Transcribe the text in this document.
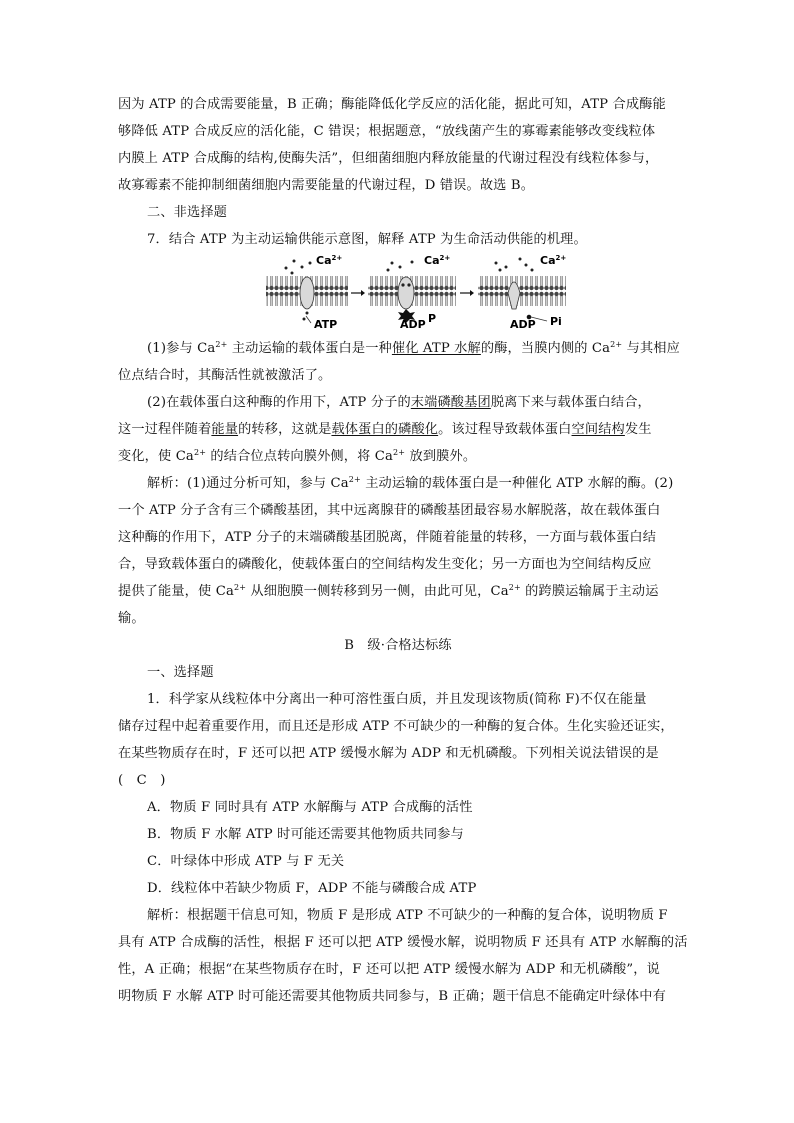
因为 ATP 的合成需要能量，B 正确；酶能降低化学反应的活化能，据此可知，ATP 合成酶能
够降低 ATP 合成反应的活化能，C 错误；根据题意，“放线菌产生的寡霉素能够改变线粒体
内膜上 ATP 合成酶的结构,使酶失活”，但细菌细胞内释放能量的代谢过程没有线粒体参与，
故寡霉素不能抑制细菌细胞内需要能量的代谢过程，D 错误。故选 B。
二、非选择题
7．结合 ATP 为主动运输供能示意图，解释 ATP 为生命活动供能的机理。
$Ca^{2+}$
ATP
$Ca^{2+}$
ADP P
$Ca^{2+}$
ADP Pi
(1)参与 $Ca^{2+}$ 主动运输的载体蛋白是一种催化 ATP 水解的酶，当膜内侧的 $Ca^{2+}$ 与其相应
位点结合时，其酶活性就被激活了。
(2)在载体蛋白这种酶的作用下，ATP 分子的末端磷酸基团脱离下来与载体蛋白结合，
这一过程伴随着能量的转移，这就是载体蛋白的磷酸化。该过程导致载体蛋白空间结构发生
变化，使 $Ca^{2+}$ 的结合位点转向膜外侧，将 $Ca^{2+}$ 放到膜外。
解析：(1)通过分析可知，参与 $Ca^{2+}$ 主动运输的载体蛋白是一种催化 ATP 水解的酶。(2)
一个 ATP 分子含有三个磷酸基团，其中远离腺苷的磷酸基团最容易水解脱落，故在载体蛋白
这种酶的作用下，ATP 分子的末端磷酸基团脱离，伴随着能量的转移，一方面与载体蛋白结
合，导致载体蛋白的磷酸化，使载体蛋白的空间结构发生变化；另一方面也为空间结构反应
提供了能量，使 $Ca^{2+}$ 从细胞膜一侧转移到另一侧，由此可见，$Ca^{2+}$ 的跨膜运输属于主动运
输。
B　级·合格达标练
一、选择题
1．科学家从线粒体中分离出一种可溶性蛋白质，并且发现该物质(简称 F)不仅在能量
储存过程中起着重要作用，而且还是形成 ATP 不可缺少的一种酶的复合体。生化实验还证实，
在某些物质存在时，F 还可以把 ATP 缓慢水解为 ADP 和无机磷酸。下列相关说法错误的是
(　C　)
A．物质 F 同时具有 ATP 水解酶与 ATP 合成酶的活性
B．物质 F 水解 ATP 时可能还需要其他物质共同参与
C．叶绿体中形成 ATP 与 F 无关
D．线粒体中若缺少物质 F，ADP 不能与磷酸合成 ATP
解析：根据题干信息可知，物质 F 是形成 ATP 不可缺少的一种酶的复合体，说明物质 F
具有 ATP 合成酶的活性，根据 F 还可以把 ATP 缓慢水解，说明物质 F 还具有 ATP 水解酶的活
性，A 正确；根据“在某些物质存在时，F 还可以把 ATP 缓慢水解为 ADP 和无机磷酸”，说
明物质 F 水解 ATP 时可能还需要其他物质共同参与，B 正确；题干信息不能确定叶绿体中有
